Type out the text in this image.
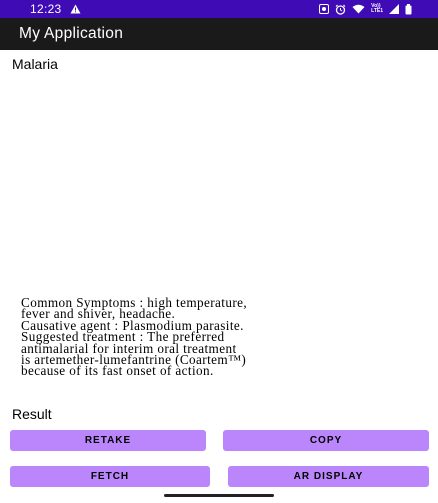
12:23	Vo))
LTE1
My Application
Malaria
Common Symptoms : high temperature,
fever and shiver, headache.
Causative agent : Plasmodium parasite.
Suggested treatment : The preferred
antimalarial for interim oral treatment
is artemether-lumefantrine (Coartem™)
because of its fast onset of action.
Result
RETAKE	COPY
FETCH	AR DISPLAY
